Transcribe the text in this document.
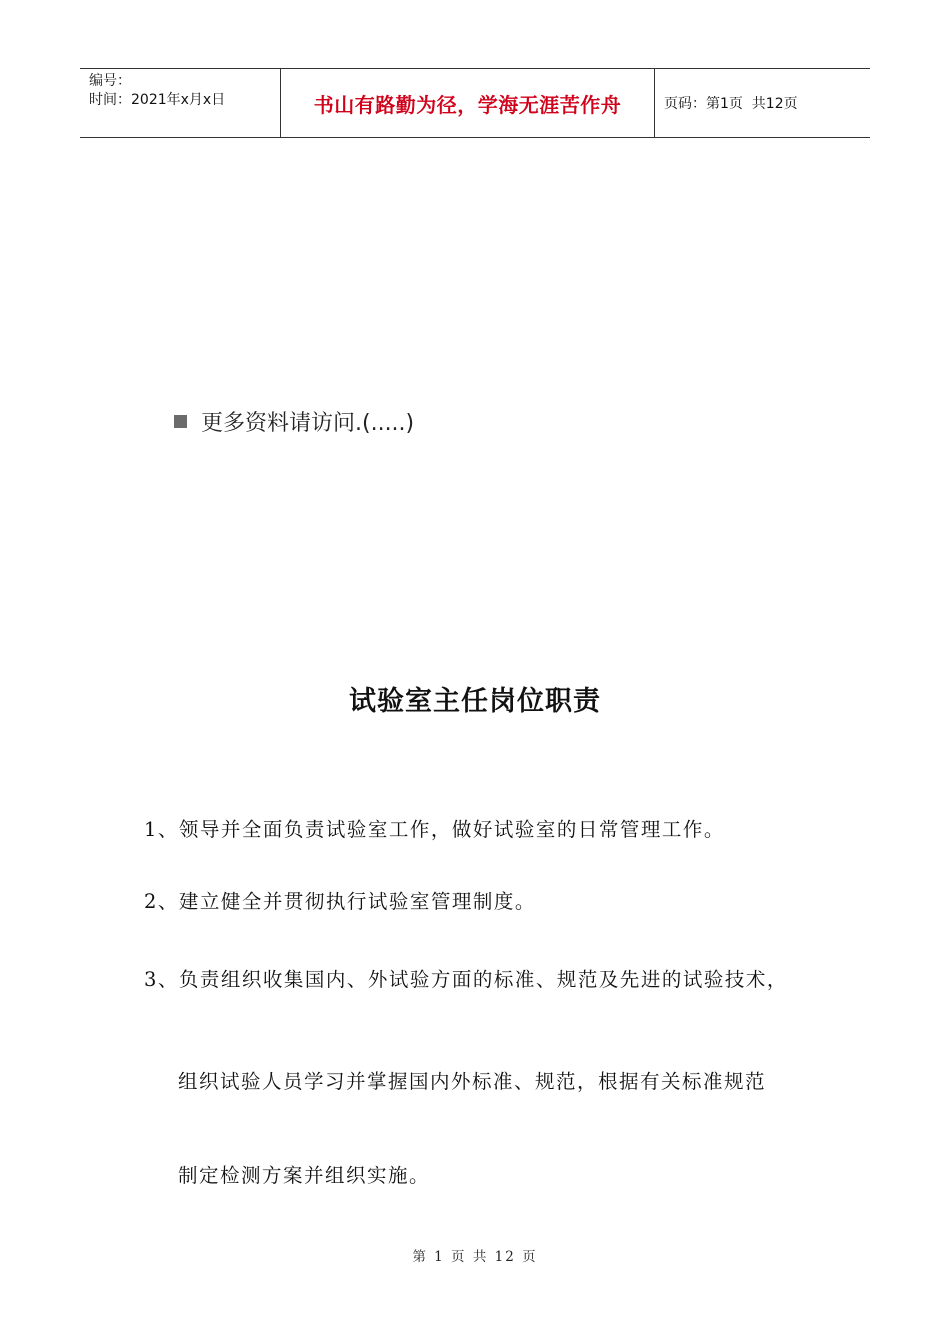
编号：
时间：2021年x月x日	书山有路勤为径，学海无涯苦作舟	页码：第1页  共12页
更多资料请访问.(.....)
试验室主任岗位职责
1、领导并全面负责试验室工作，做好试验室的日常管理工作。
2、建立健全并贯彻执行试验室管理制度。
3、负责组织收集国内、外试验方面的标准、规范及先进的试验技术，
组织试验人员学习并掌握国内外标准、规范，根据有关标准规范
制定检测方案并组织实施。
第 1 页 共 12 页
